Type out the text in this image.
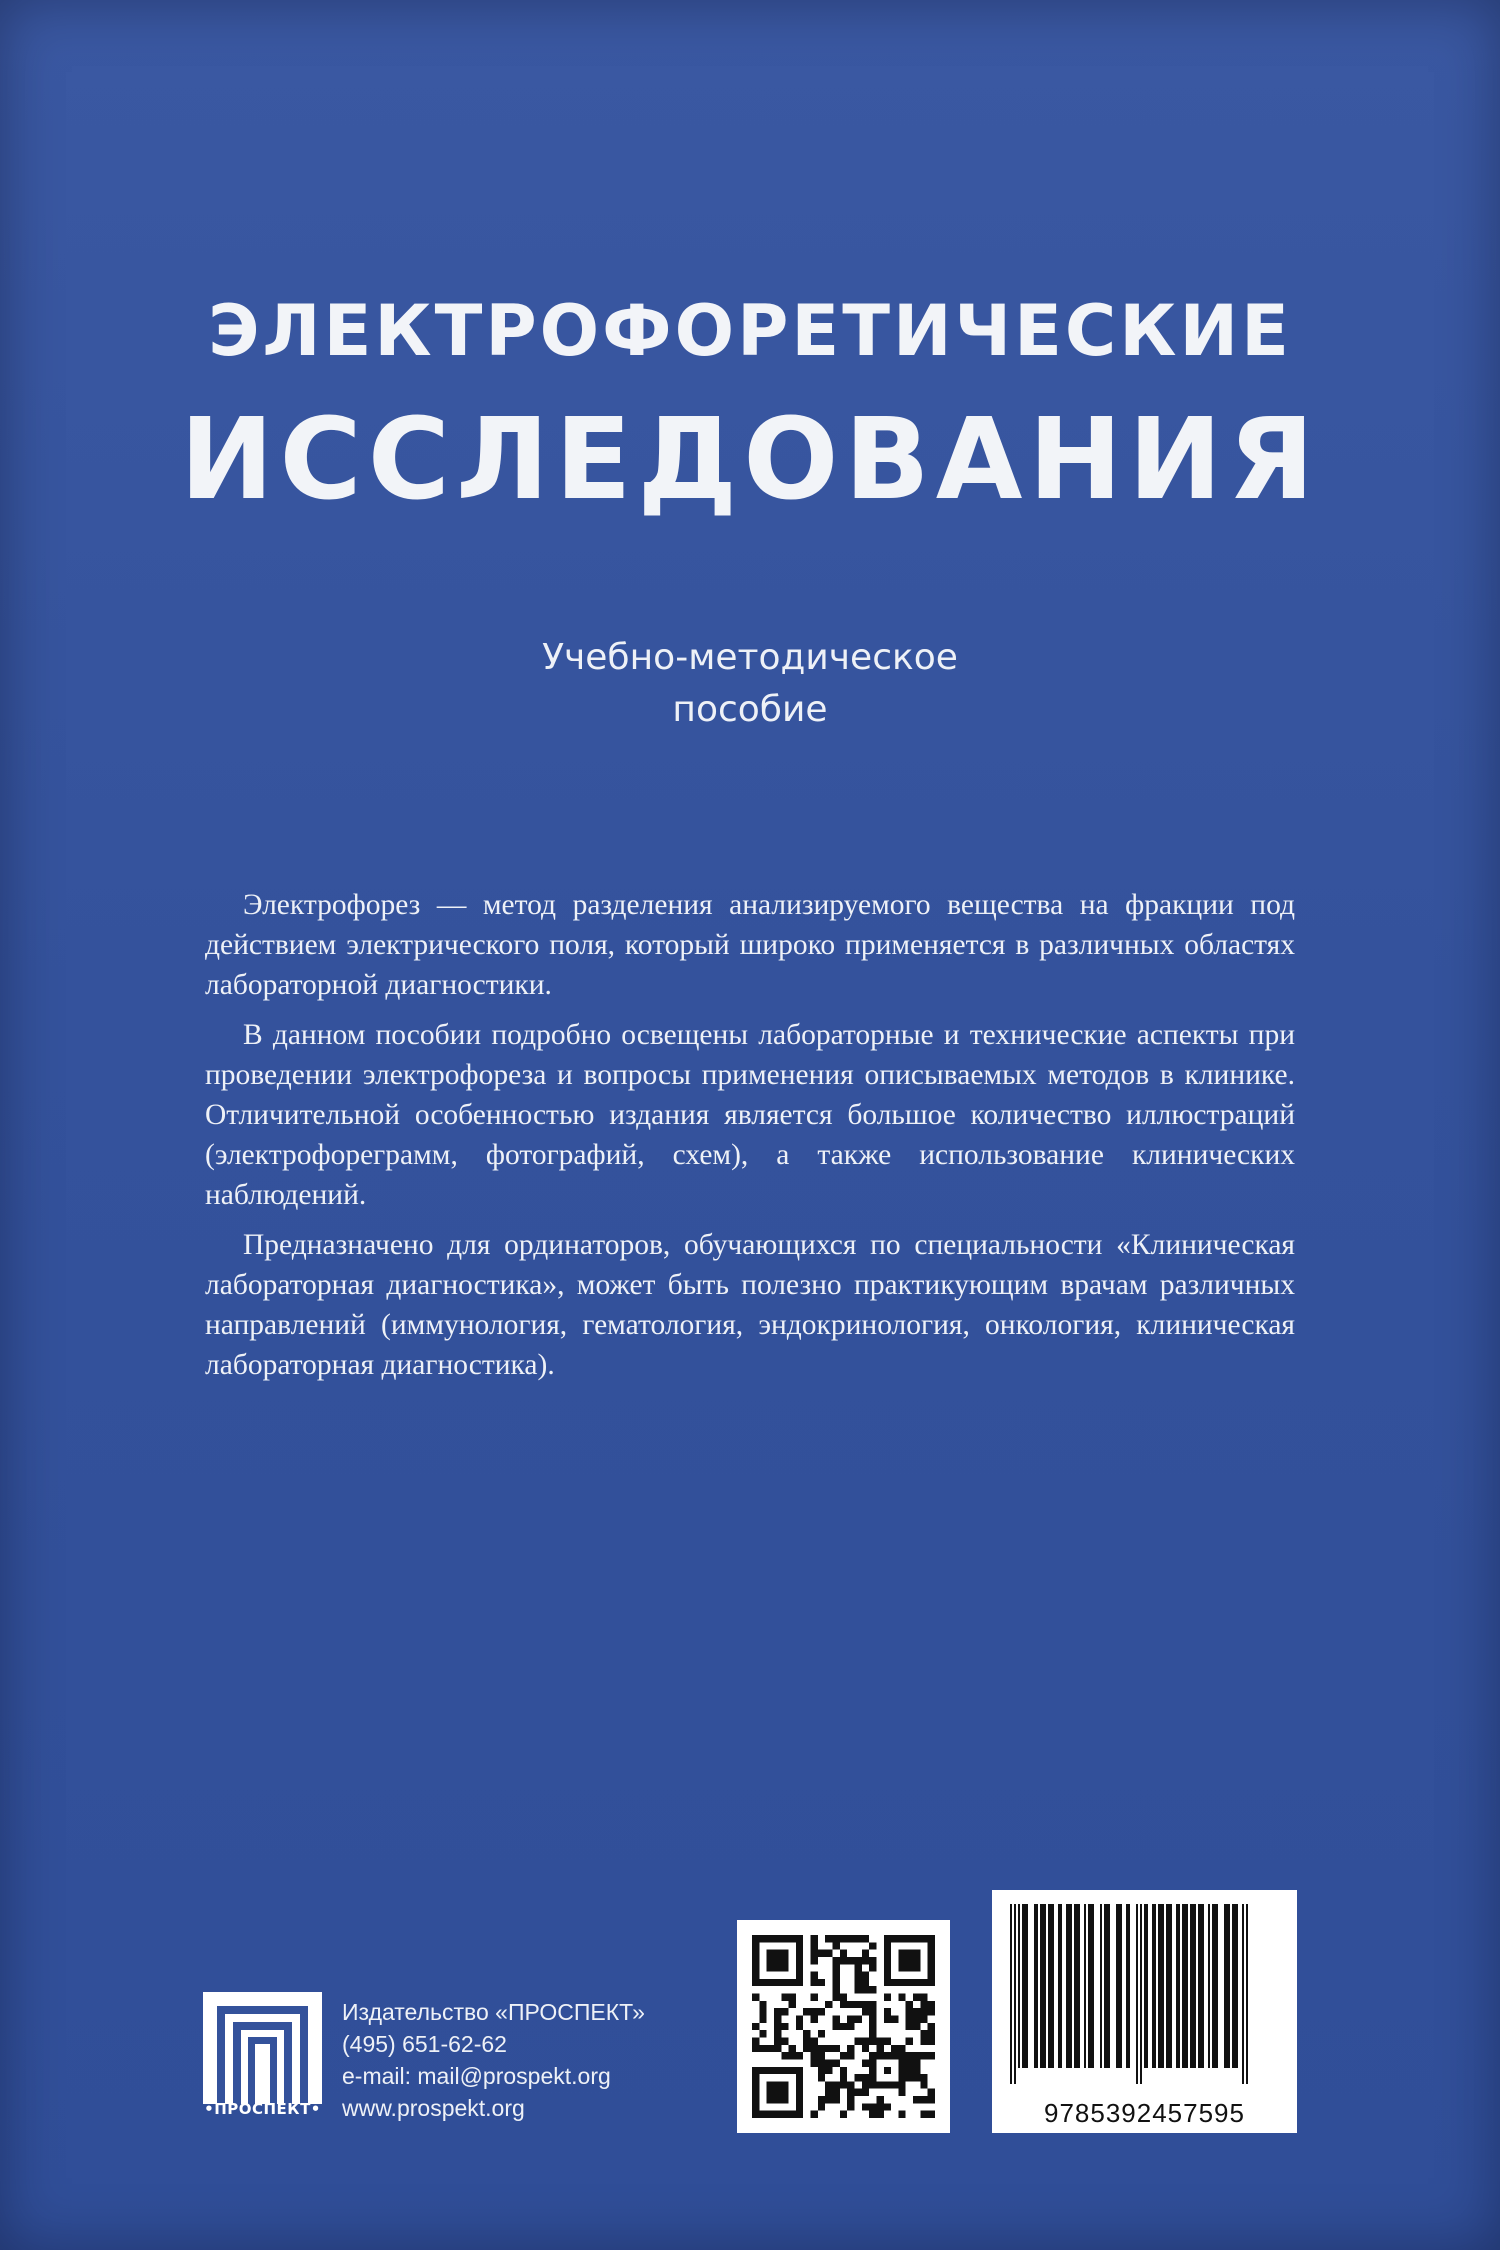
ЭЛЕКТРОФОРЕТИЧЕСКИЕ
ИССЛЕДОВАНИЯ
Учебно-методическое
пособие

Электрофорез — метод разделения анализируемого вещества на фракции под действием электрического поля, который широко применяется в различных областях лабораторной диагностики.

В данном пособии подробно освещены лабораторные и технические аспекты при проведении электрофореза и вопросы применения описываемых методов в клинике. Отличительной особенностью издания является большое количество иллюстраций (электрофореграмм, фотографий, схем), а также использование клинических наблюдений.

Предназначено для ординаторов, обучающихся по специальности «Клиническая лабораторная диагностика», может быть полезно практикующим врачам различных направлений (иммунология, гематология, эндокринология, онкология, клиническая лабораторная диагностика).

•ПРОСПЕКТ•
Издательство «ПРОСПЕКТ»
(495) 651-62-62
e-mail: mail@prospekt.org
www.prospekt.org	9785392457595
